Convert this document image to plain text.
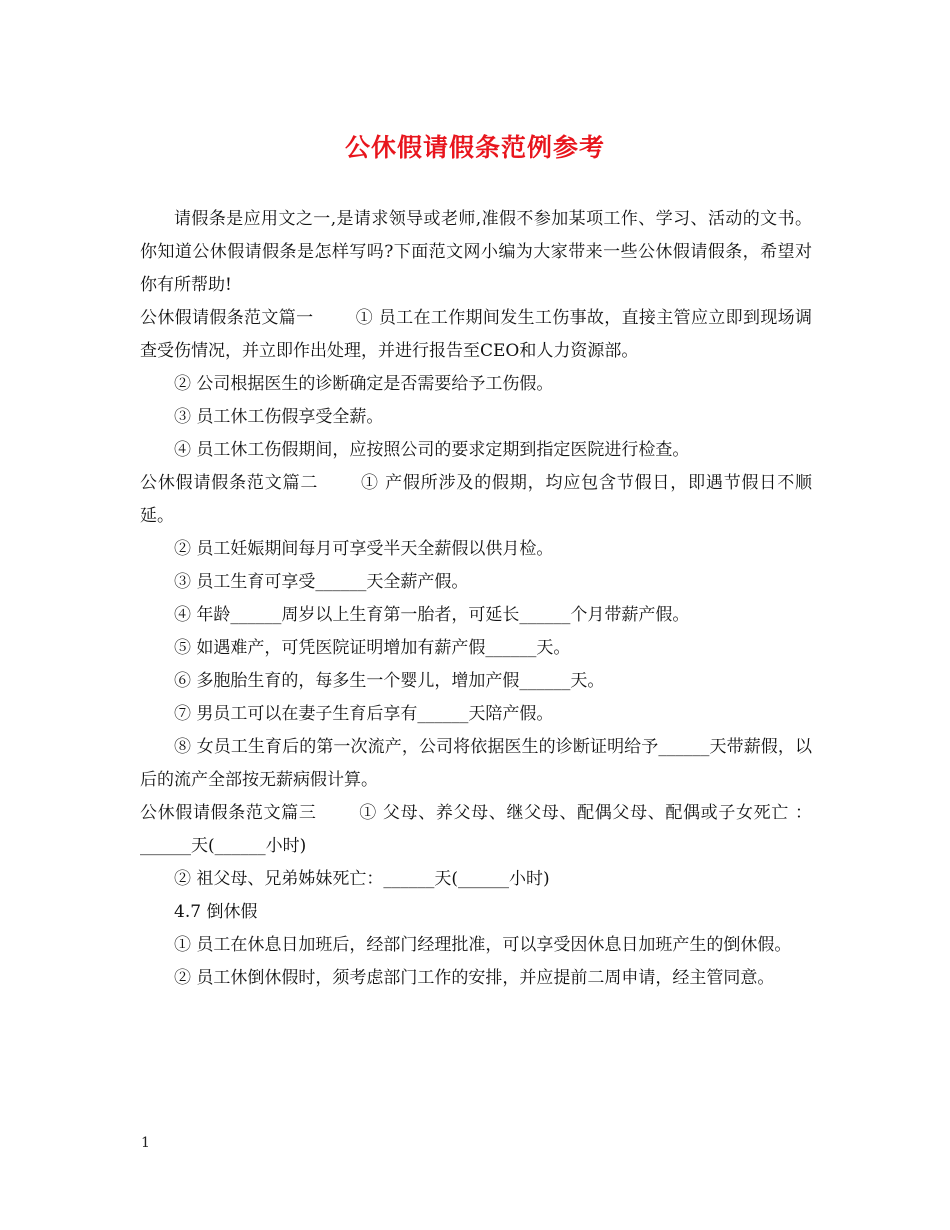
公休假请假条范例参考

请假条是应用文之一,是请求领导或老师,准假不参加某项工作、学习、活动的文书。你知道公休假请假条是怎样写吗?下面范文网小编为大家带来一些公休假请假条，希望对你有所帮助!

公休假请假条范文篇一 ① 员工在工作期间发生工伤事故，直接主管应立即到现场调查受伤情况，并立即作出处理，并进行报告至CEO和人力资源部。

② 公司根据医生的诊断确定是否需要给予工伤假。

③ 员工休工伤假享受全薪。

④ 员工休工伤假期间，应按照公司的要求定期到指定医院进行检查。

公休假请假条范文篇二 ① 产假所涉及的假期，均应包含节假日，即遇节假日不顺延。

② 员工妊娠期间每月可享受半天全薪假以供月检。

③ 员工生育可享受______天全薪产假。

④ 年龄______周岁以上生育第一胎者，可延长______个月带薪产假。

⑤ 如遇难产，可凭医院证明增加有薪产假______天。

⑥ 多胞胎生育的，每多生一个婴儿，增加产假______天。

⑦ 男员工可以在妻子生育后享有______天陪产假。

⑧ 女员工生育后的第一次流产，公司将依据医生的诊断证明给予______天带薪假，以后的流产全部按无薪病假计算。

公休假请假条范文篇三 ① 父母、养父母、继父母、配偶父母、配偶或子女死亡 ：______天(______小时)

② 祖父母、兄弟姊妹死亡：______天(______小时)

4.7 倒休假

① 员工在休息日加班后，经部门经理批准，可以享受因休息日加班产生的倒休假。

② 员工休倒休假时，须考虑部门工作的安排，并应提前二周申请，经主管同意。

1
